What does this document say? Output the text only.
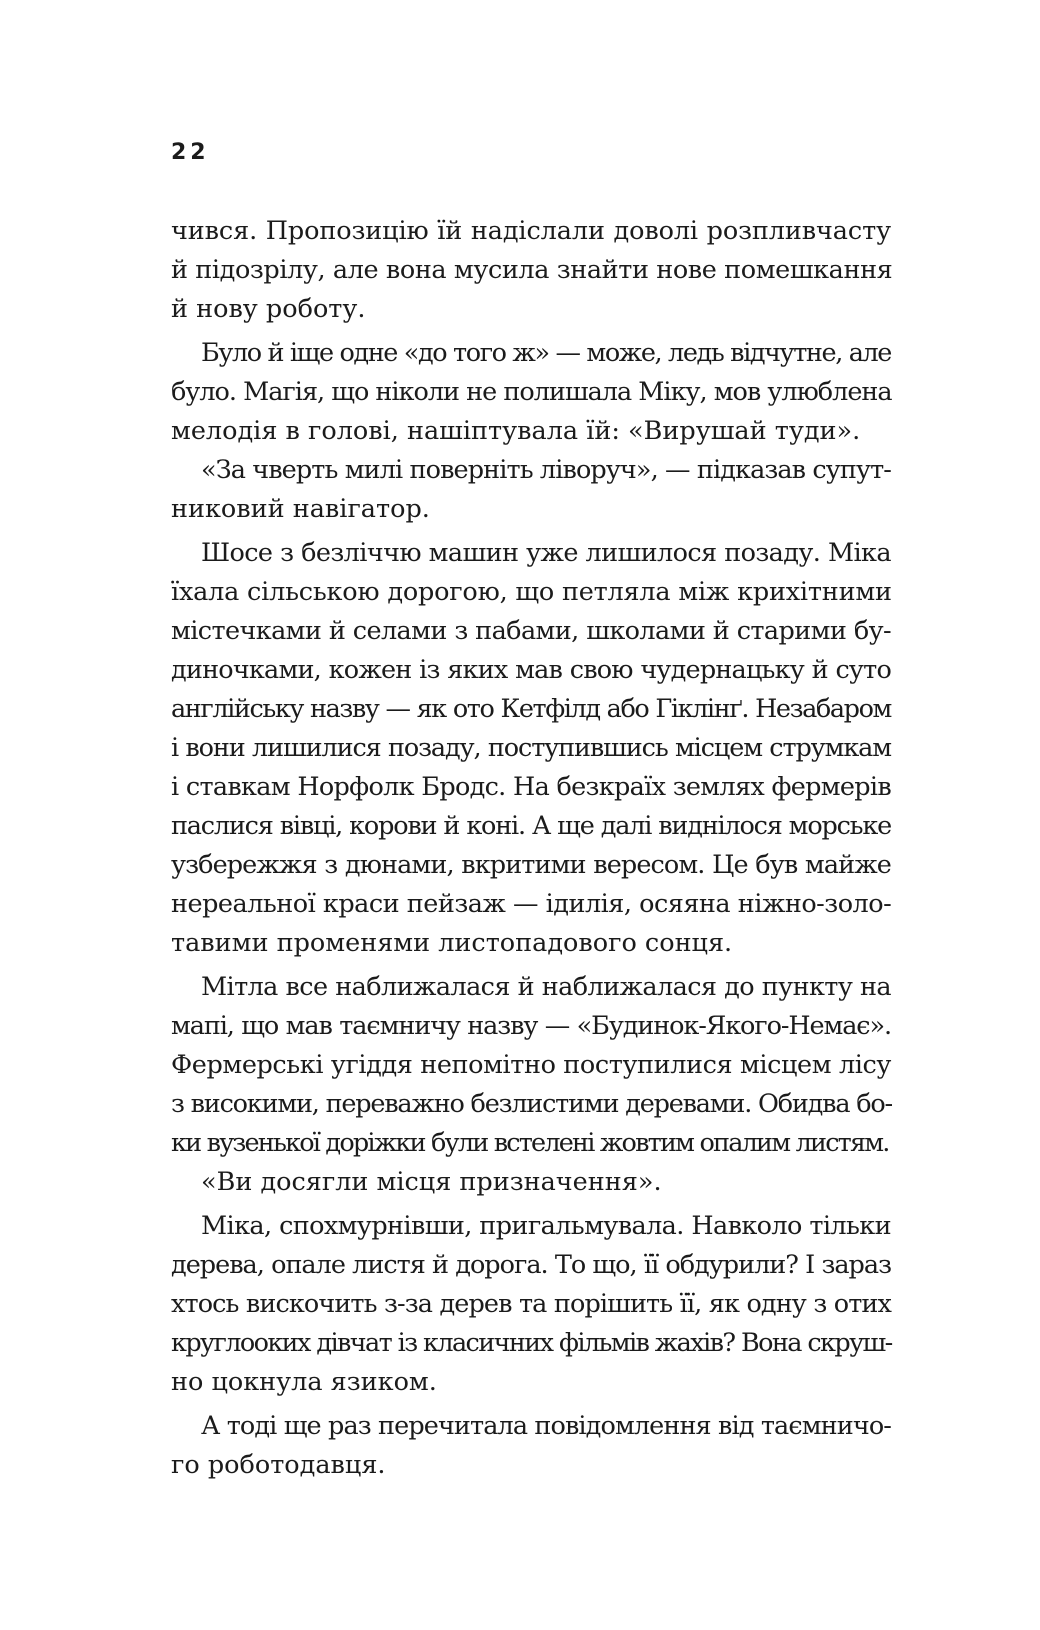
22
чився. Пропозицію їй надіслали доволі розпливчасту
й підозрілу, але вона мусила знайти нове помешкання
й нову роботу.
Було й іще одне «до того ж» — може, ледь відчутне, але
було. Магія, що ніколи не полишала Міку, мов улюблена
мелодія в голові, нашіптувала їй: «Вирушай туди».
«За чверть милі поверніть ліворуч», — підказав супут-
никовий навігатор.
Шосе з безліччю машин уже лишилося позаду. Міка
їхала сільською дорогою, що петляла між крихітними
містечками й селами з пабами, школами й старими бу-
диночками, кожен із яких мав свою чудернацьку й суто
англійську назву — як ото Кетфілд або Гіклінґ. Незабаром
і вони лишилися позаду, поступившись місцем струмкам
і ставкам Норфолк Бродс. На безкраїх землях фермерів
паслися вівці, корови й коні. А ще далі виднілося морське
узбережжя з дюнами, вкритими вересом. Це був майже
нереальної краси пейзаж — ідилія, осяяна ніжно-золо-
тавими променями листопадового сонця.
Мітла все наближалася й наближалася до пункту на
мапі, що мав таємничу назву — «Будинок-Якого-Немає».
Фермерські угіддя непомітно поступилися місцем лісу
з високими, переважно безлистими деревами. Обидва бо-
ки вузенької доріжки були встелені жовтим опалим листям.
«Ви досягли місця призначення».
Міка, спохмурнівши, пригальмувала. Навколо тільки
дерева, опале листя й дорога. То що, її обдурили? І зараз
хтось вискочить з-за дерев та порішить її, як одну з отих
круглооких дівчат із класичних фільмів жахів? Вона скруш-
но цокнула язиком.
А тоді ще раз перечитала повідомлення від таємничо-
го роботодавця.
